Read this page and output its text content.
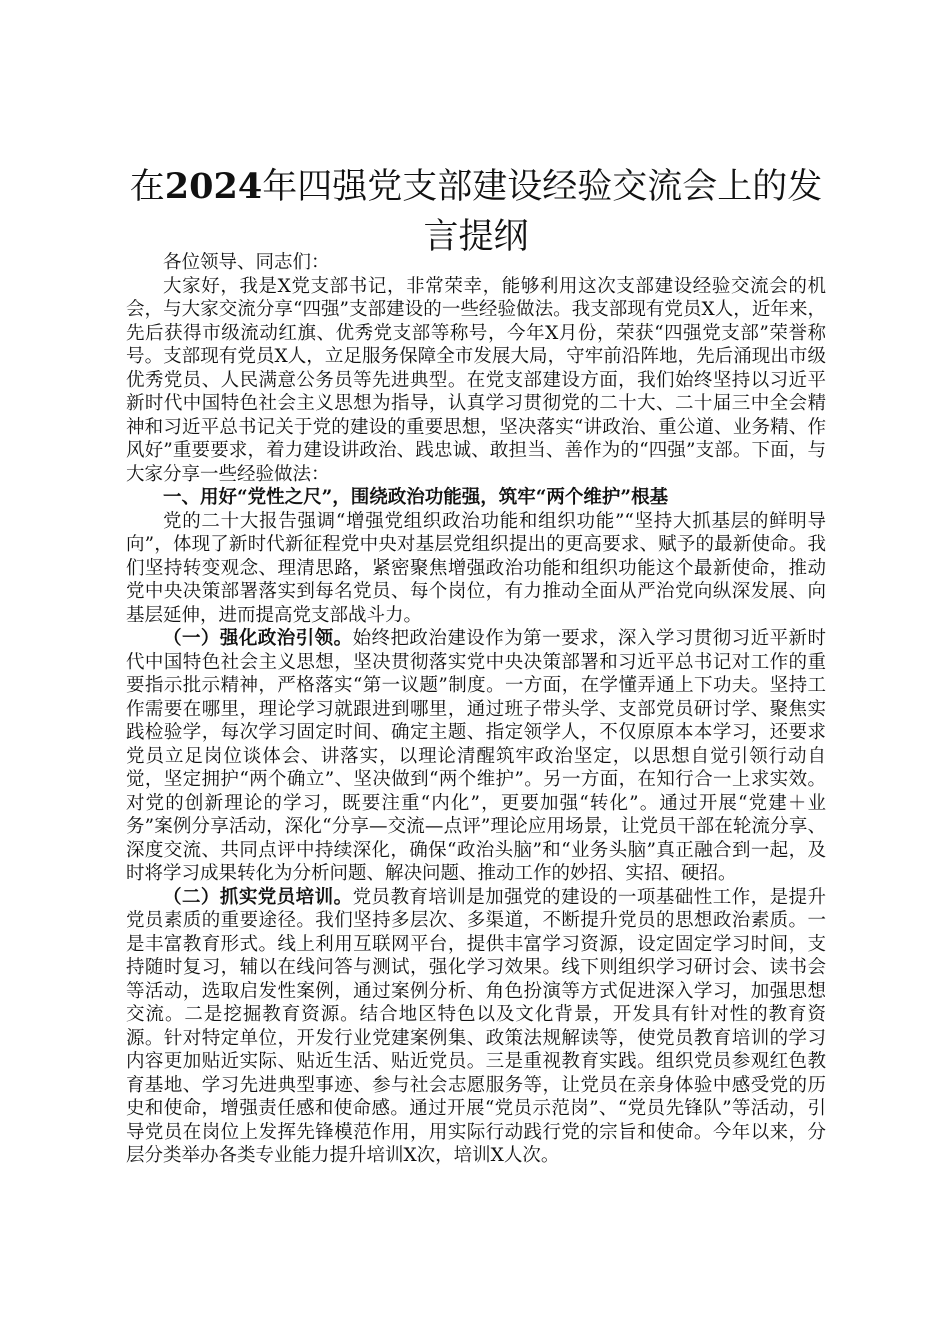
在2024年四强党支部建设经验交流会上的发言提纲

各位领导、同志们：

大家好，我是X党支部书记，非常荣幸，能够利用这次支部建设经验交流会的机会，与大家交流分享“四强”支部建设的一些经验做法。我支部现有党员X人，近年来，先后获得市级流动红旗、优秀党支部等称号，今年X月份，荣获“四强党支部”荣誉称号。支部现有党员X人，立足服务保障全市发展大局，守牢前沿阵地，先后涌现出市级优秀党员、人民满意公务员等先进典型。在党支部建设方面，我们始终坚持以习近平新时代中国特色社会主义思想为指导，认真学习贯彻党的二十大、二十届三中全会精神和习近平总书记关于党的建设的重要思想，坚决落实“讲政治、重公道、业务精、作风好”重要要求，着力建设讲政治、践忠诚、敢担当、善作为的“四强”支部。下面，与大家分享一些经验做法：

一、用好“党性之尺”，围绕政治功能强，筑牢“两个维护”根基

党的二十大报告强调“增强党组织政治功能和组织功能”“坚持大抓基层的鲜明导向”，体现了新时代新征程党中央对基层党组织提出的更高要求、赋予的最新使命。我们坚持转变观念、理清思路，紧密聚焦增强政治功能和组织功能这个最新使命，推动党中央决策部署落实到每名党员、每个岗位，有力推动全面从严治党向纵深发展、向基层延伸，进而提高党支部战斗力。

（一）强化政治引领。始终把政治建设作为第一要求，深入学习贯彻习近平新时代中国特色社会主义思想，坚决贯彻落实党中央决策部署和习近平总书记对工作的重要指示批示精神，严格落实“第一议题”制度。一方面，在学懂弄通上下功夫。坚持工作需要在哪里，理论学习就跟进到哪里，通过班子带头学、支部党员研讨学、聚焦实践检验学，每次学习固定时间、确定主题、指定领学人，不仅原原本本学习，还要求党员立足岗位谈体会、讲落实，以理论清醒筑牢政治坚定，以思想自觉引领行动自觉，坚定拥护“两个确立”、坚决做到“两个维护”。另一方面，在知行合一上求实效。对党的创新理论的学习，既要注重“内化”，更要加强“转化”。通过开展“党建＋业务”案例分享活动，深化“分享—交流—点评”理论应用场景，让党员干部在轮流分享、深度交流、共同点评中持续深化，确保“政治头脑”和“业务头脑”真正融合到一起，及时将学习成果转化为分析问题、解决问题、推动工作的妙招、实招、硬招。

（二）抓实党员培训。党员教育培训是加强党的建设的一项基础性工作，是提升党员素质的重要途径。我们坚持多层次、多渠道，不断提升党员的思想政治素质。一是丰富教育形式。线上利用互联网平台，提供丰富学习资源，设定固定学习时间，支持随时复习，辅以在线问答与测试，强化学习效果。线下则组织学习研讨会、读书会等活动，选取启发性案例，通过案例分析、角色扮演等方式促进深入学习，加强思想交流。二是挖掘教育资源。结合地区特色以及文化背景，开发具有针对性的教育资源。针对特定单位，开发行业党建案例集、政策法规解读等，使党员教育培训的学习内容更加贴近实际、贴近生活、贴近党员。三是重视教育实践。组织党员参观红色教育基地、学习先进典型事迹、参与社会志愿服务等，让党员在亲身体验中感受党的历史和使命，增强责任感和使命感。通过开展“党员示范岗”、“党员先锋队”等活动，引导党员在岗位上发挥先锋模范作用，用实际行动践行党的宗旨和使命。今年以来，分层分类举办各类专业能力提升培训X次，培训X人次。
